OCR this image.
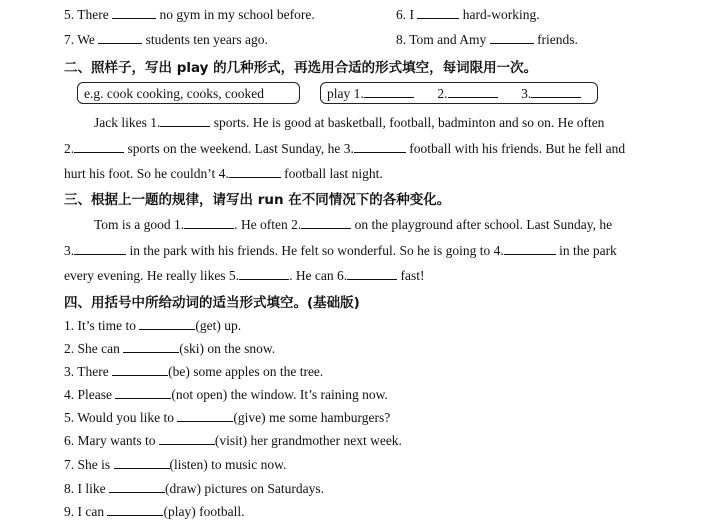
5. There	no gym in my school before.	6. I	hard-working.
7. We	students ten years ago.	8. Tom and Amy	friends.
二、照样子，写出 play 的几种形式，再选用合适的形式填空，每词限用一次。
e.g. cook cooking, cooks, cooked	play 1.	2.	3.
Jack likes 1.	sports. He is good at basketball, football, badminton and so on. He often
2.	sports on the weekend. Last Sunday, he 3.	football with his friends. But he fell and
hurt his foot. So he couldn’t 4.	football last night.
三、根据上一题的规律，请写出 run 在不同情况下的各种变化。
Tom is a good 1.	. He often 2.	on the playground after school. Last Sunday, he
3.	in the park with his friends. He felt so wonderful. So he is going to 4.	in the park
every evening. He really likes 5.	. He can 6.	fast!
四、用括号中所给动词的适当形式填空。(基础版)
1. It’s time to	(get) up.
2. She can	(ski) on the snow.
3. There	(be) some apples on the tree.
4. Please	(not open) the window. It’s raining now.
5. Would you like to	(give) me some hamburgers?
6. Mary wants to	(visit) her grandmother next week.
7. She is	(listen) to music now.
8. I like	(draw) pictures on Saturdays.
9. I can	(play) football.
